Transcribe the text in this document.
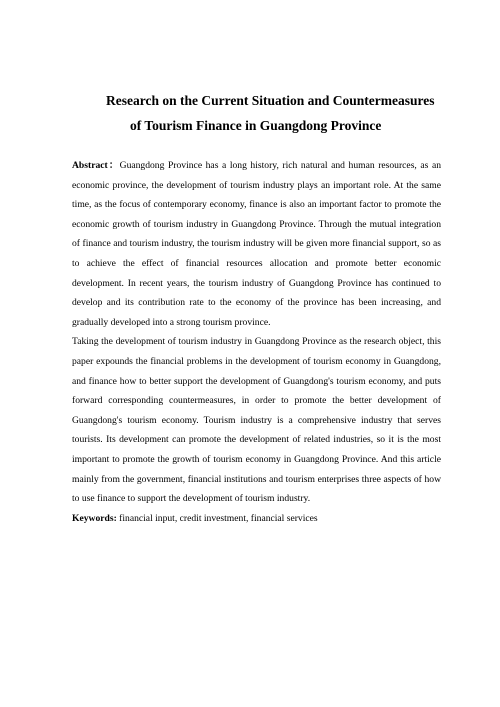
Research on the Current Situation and Countermeasures
of Tourism Finance in Guangdong Province

Abstract：Guangdong Province has a long history, rich natural and human resources, as an economic province, the development of tourism industry plays an important role. At the same time, as the focus of contemporary economy, finance is also an important factor to promote the economic growth of tourism industry in Guangdong Province. Through the mutual integration of finance and tourism industry, the tourism industry will be given more financial support, so as to achieve the effect of financial resources allocation and promote better economic development. In recent years, the tourism industry of Guangdong Province has continued to develop and its contribution rate to the economy of the province has been increasing, and gradually developed into a strong tourism province.

Taking the development of tourism industry in Guangdong Province as the research object, this paper expounds the financial problems in the development of tourism economy in Guangdong, and finance how to better support the development of Guangdong's tourism economy, and puts forward corresponding countermeasures, in order to promote the better development of Guangdong's tourism economy. Tourism industry is a comprehensive industry that serves tourists. Its development can promote the development of related industries, so it is the most important to promote the growth of tourism economy in Guangdong Province. And this article mainly from the government, financial institutions and tourism enterprises three aspects of how to use finance to support the development of tourism industry.

Keywords: financial input, credit investment, financial services
